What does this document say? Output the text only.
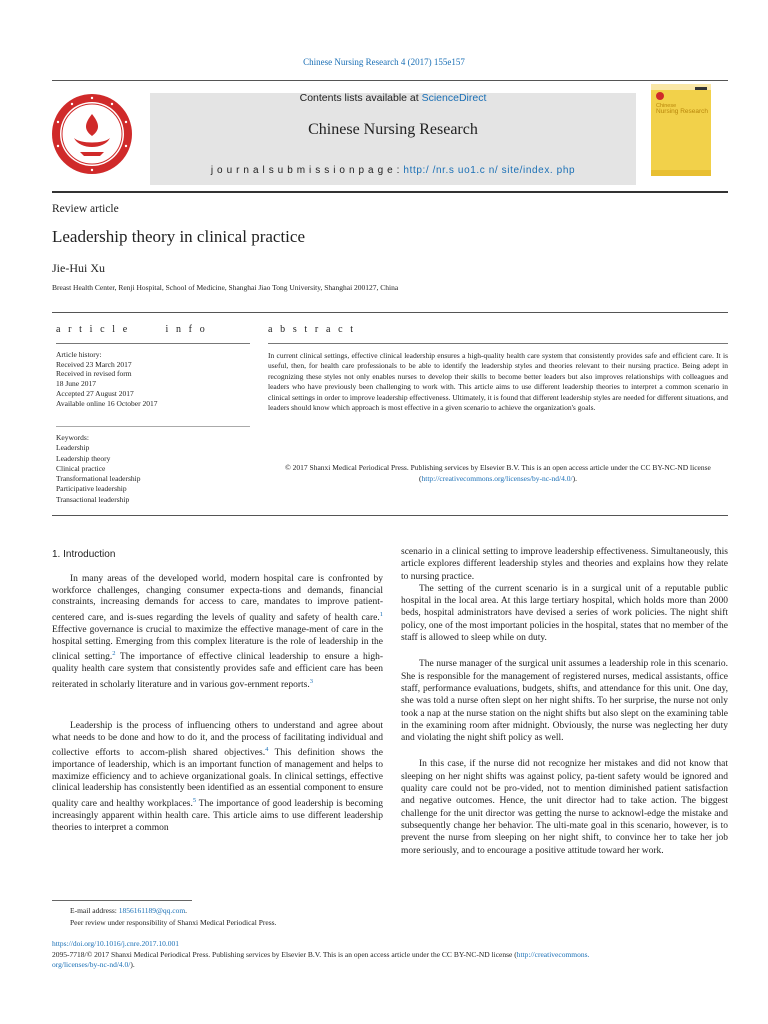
Chinese Nursing Research 4 (2017) 155e157
Contents lists available at ScienceDirect
Chinese Nursing Research
j o u r n a l s u b m i s s i o n p a g e : http:/ /nr.s uo1.c n/ site/index. php
Chinese
Nursing Research
Review article
Leadership theory in clinical practice
Jie-Hui Xu
Breast Health Center, Renji Hospital, School of Medicine, Shanghai Jiao Tong University, Shanghai 200127, China
a r t i c l e       i n f o	a b s t r a c t
Article history:
Received 23 March 2017
Received in revised form
18 June 2017
Accepted 27 August 2017
Available online 16 October 2017
Keywords:
Leadership
Leadership theory
Clinical practice
Transformational leadership
Participative leadership
Transactional leadership
In current clinical settings, effective clinical leadership ensures a high-quality health care system that consistently provides safe and efficient care. It is useful, then, for health care professionals to be able to identify the leadership styles and theories relevant to their nursing practice. Being adept in recognizing these styles not only enables nurses to develop their skills to become better leaders but also improves relationships with colleagues and leaders who have previously been challenging to work with. This article aims to use different leadership theories to interpret a common scenario in clinical settings in order to improve leadership effectiveness. Ultimately, it is found that different leadership styles are needed for different situations, and leaders should know which approach is most effective in a given scenario to achieve the organization's goals.
© 2017 Shanxi Medical Periodical Press. Publishing services by Elsevier B.V. This is an open access article under the CC BY-NC-ND license (http://creativecommons.org/licenses/by-nc-nd/4.0/).
1. Introduction

In many areas of the developed world, modern hospital care is confronted by workforce challenges, changing consumer expecta-tions and demands, financial constraints, increasing demands for access to care, mandates to improve patient-centered care, and is-sues regarding the levels of quality and safety of health care.$^1$ Effective governance is crucial to maximize the effective manage-ment of care in the hospital setting. Emerging from this complex literature is the role of leadership in the clinical setting.$^2$ The importance of effective clinical leadership to ensure a high-quality health care system that consistently provides safe and efficient care has been reiterated in scholarly literature and in various gov-ernment reports.$^3$

Leadership is the process of influencing others to understand and agree about what needs to be done and how to do it, and the process of facilitating individual and collective efforts to accom-plish shared objectives.$^4$ This definition shows the importance of leadership, which is an important function of management and helps to maximize efficiency and to achieve organizational goals. In clinical settings, effective clinical leadership has consistently been identified as an essential component to ensure quality care and healthy workplaces.$^5$ The importance of good leadership is becoming increasingly apparent within health care. This article aims to use different leadership theories to interpret a common

scenario in a clinical setting to improve leadership effectiveness. Simultaneously, this article explores different leadership styles and theories and explains how they relate to nursing practice.

The setting of the current scenario is in a surgical unit of a reputable public hospital in the local area. At this large tertiary hospital, which holds more than 2000 beds, hospital administrators have devised a series of work policies. The night shift policy, one of the most important policies in the hospital, states that no member of the staff is allowed to sleep while on duty.

The nurse manager of the surgical unit assumes a leadership role in this scenario. She is responsible for the management of registered nurses, medical assistants, office staff, performance evaluations, budgets, shifts, and attendance for this unit. One day, she was told a nurse often slept on her night shifts. To her surprise, the nurse not only took a nap at the nurse station on the night shifts but also slept on the examining table in the examining room after midnight. Obviously, the nurse was neglecting her duty and violating the night shift policy as well.

In this case, if the nurse did not recognize her mistakes and did not know that sleeping on her night shifts was against policy, pa-tient safety would be ignored and quality care could not be pro-vided, not to mention diminished patient satisfaction and negative outcomes. Hence, the unit director had to take action. The biggest challenge for the unit director was getting the nurse to acknowl-edge the mistake and subsequently change her behavior. The ulti-mate goal in this scenario, however, is to prevent the nurse from sleeping on her night shift, to convince her to take her job more seriously, and to encourage a positive attitude toward her work.

E-mail address: 1856161189@qq.com.
Peer review under responsibility of Shanxi Medical Periodical Press.
https://doi.org/10.1016/j.cnre.2017.10.001
2095-7718/© 2017 Shanxi Medical Periodical Press. Publishing services by Elsevier B.V. This is an open access article under the CC BY-NC-ND license (http://creativecommons.
org/licenses/by-nc-nd/4.0/).
